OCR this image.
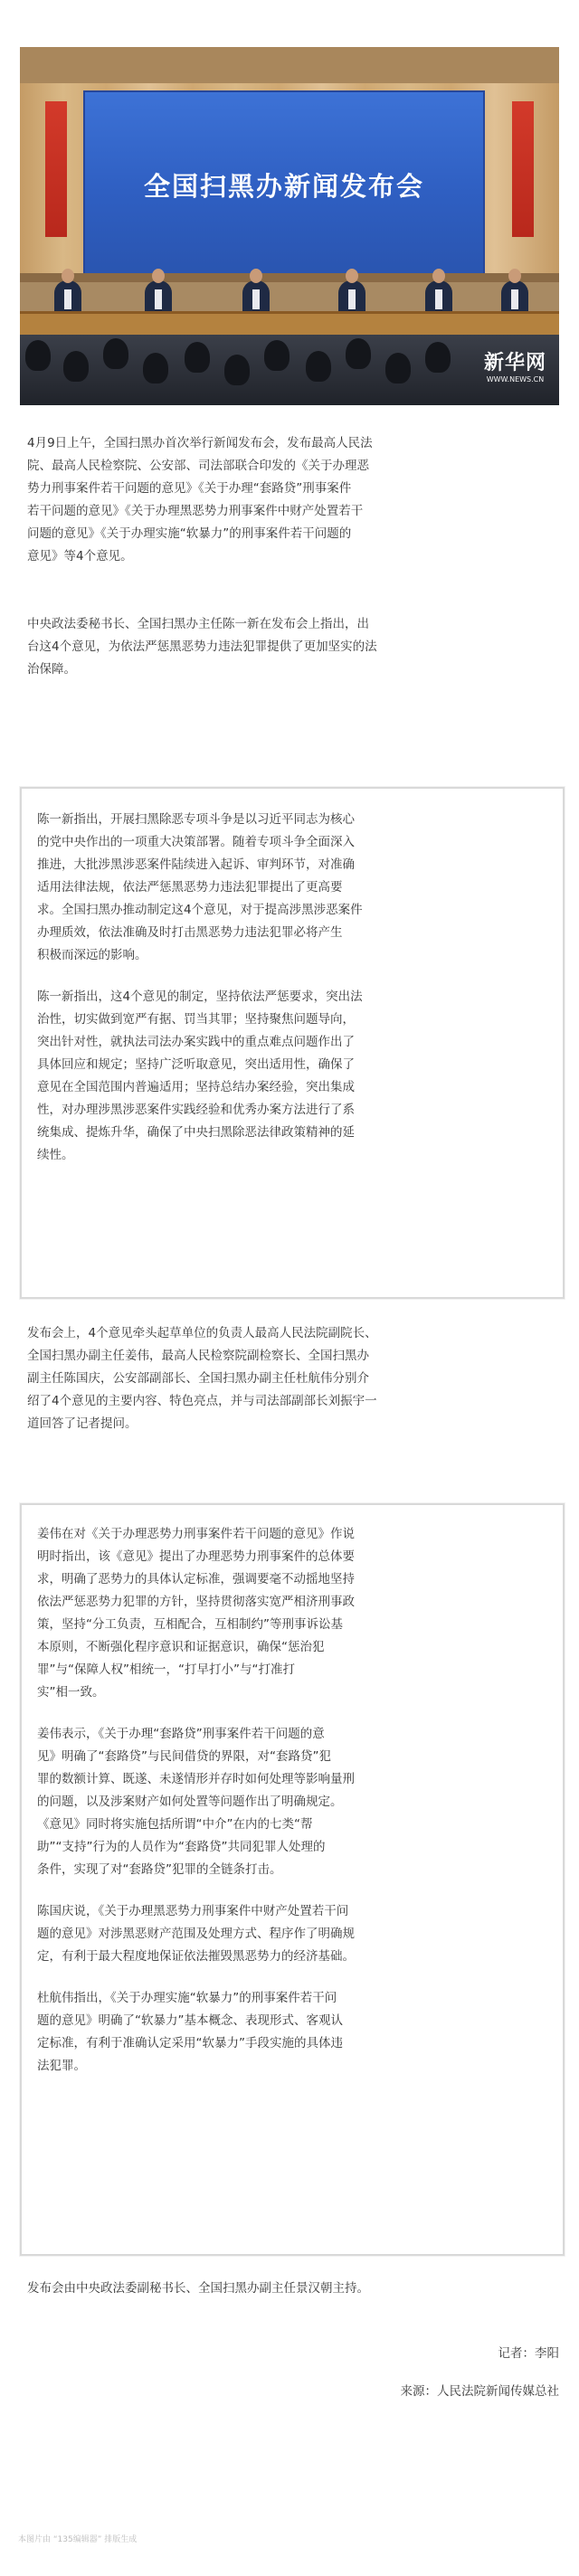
全国扫黑办新闻发布会
新华网
WWW.NEWS.CN

4月9日上午，全国扫黑办首次举行新闻发布会，发布最高人民法
院、最高人民检察院、公安部、司法部联合印发的《关于办理恶
势力刑事案件若干问题的意见》《关于办理“套路贷”刑事案件
若干问题的意见》《关于办理黑恶势力刑事案件中财产处置若干
问题的意见》《关于办理实施“软暴力”的刑事案件若干问题的
意见》等4个意见。

中央政法委秘书长、全国扫黑办主任陈一新在发布会上指出，出
台这4个意见，为依法严惩黑恶势力违法犯罪提供了更加坚实的法
治保障。

陈一新指出，开展扫黑除恶专项斗争是以习近平同志为核心
的党中央作出的一项重大决策部署。随着专项斗争全面深入
推进，大批涉黑涉恶案件陆续进入起诉、审判环节，对准确
适用法律法规，依法严惩黑恶势力违法犯罪提出了更高要
求。全国扫黑办推动制定这4个意见，对于提高涉黑涉恶案件
办理质效，依法准确及时打击黑恶势力违法犯罪必将产生
积极而深远的影响。

陈一新指出，这4个意见的制定，坚持依法严惩要求，突出法
治性，切实做到宽严有据、罚当其罪；坚持聚焦问题导向，
突出针对性，就执法司法办案实践中的重点难点问题作出了
具体回应和规定；坚持广泛听取意见，突出适用性，确保了
意见在全国范围内普遍适用；坚持总结办案经验，突出集成
性，对办理涉黑涉恶案件实践经验和优秀办案方法进行了系
统集成、提炼升华，确保了中央扫黑除恶法律政策精神的延
续性。

发布会上，4个意见牵头起草单位的负责人最高人民法院副院长、
全国扫黑办副主任姜伟，最高人民检察院副检察长、全国扫黑办
副主任陈国庆，公安部副部长、全国扫黑办副主任杜航伟分别介
绍了4个意见的主要内容、特色亮点，并与司法部副部长刘振宇一
道回答了记者提问。

姜伟在对《关于办理恶势力刑事案件若干问题的意见》作说
明时指出，该《意见》提出了办理恶势力刑事案件的总体要
求，明确了恶势力的具体认定标准，强调要毫不动摇地坚持
依法严惩恶势力犯罪的方针，坚持贯彻落实宽严相济刑事政
策，坚持“分工负责，互相配合，互相制约”等刑事诉讼基
本原则，不断强化程序意识和证据意识，确保“惩治犯
罪”与“保障人权”相统一，“打早打小”与“打准打
实”相一致。

姜伟表示，《关于办理“套路贷”刑事案件若干问题的意
见》明确了“套路贷”与民间借贷的界限，对“套路贷”犯
罪的数额计算、既遂、未遂情形并存时如何处理等影响量刑
的问题，以及涉案财产如何处置等问题作出了明确规定。
《意见》同时将实施包括所谓“中介”在内的七类“帮
助”“支持”行为的人员作为“套路贷”共同犯罪人处理的
条件，实现了对“套路贷”犯罪的全链条打击。

陈国庆说，《关于办理黑恶势力刑事案件中财产处置若干问
题的意见》对涉黑恶财产范围及处理方式、程序作了明确规
定，有利于最大程度地保证依法摧毁黑恶势力的经济基础。

杜航伟指出，《关于办理实施“软暴力”的刑事案件若干问
题的意见》明确了“软暴力”基本概念、表现形式、客观认
定标准，有利于准确认定采用“软暴力”手段实施的具体违
法犯罪。

发布会由中央政法委副秘书长、全国扫黑办副主任景汉朝主持。

记者：李阳
来源：人民法院新闻传媒总社
本图片由 “135编辑器” 排版生成
